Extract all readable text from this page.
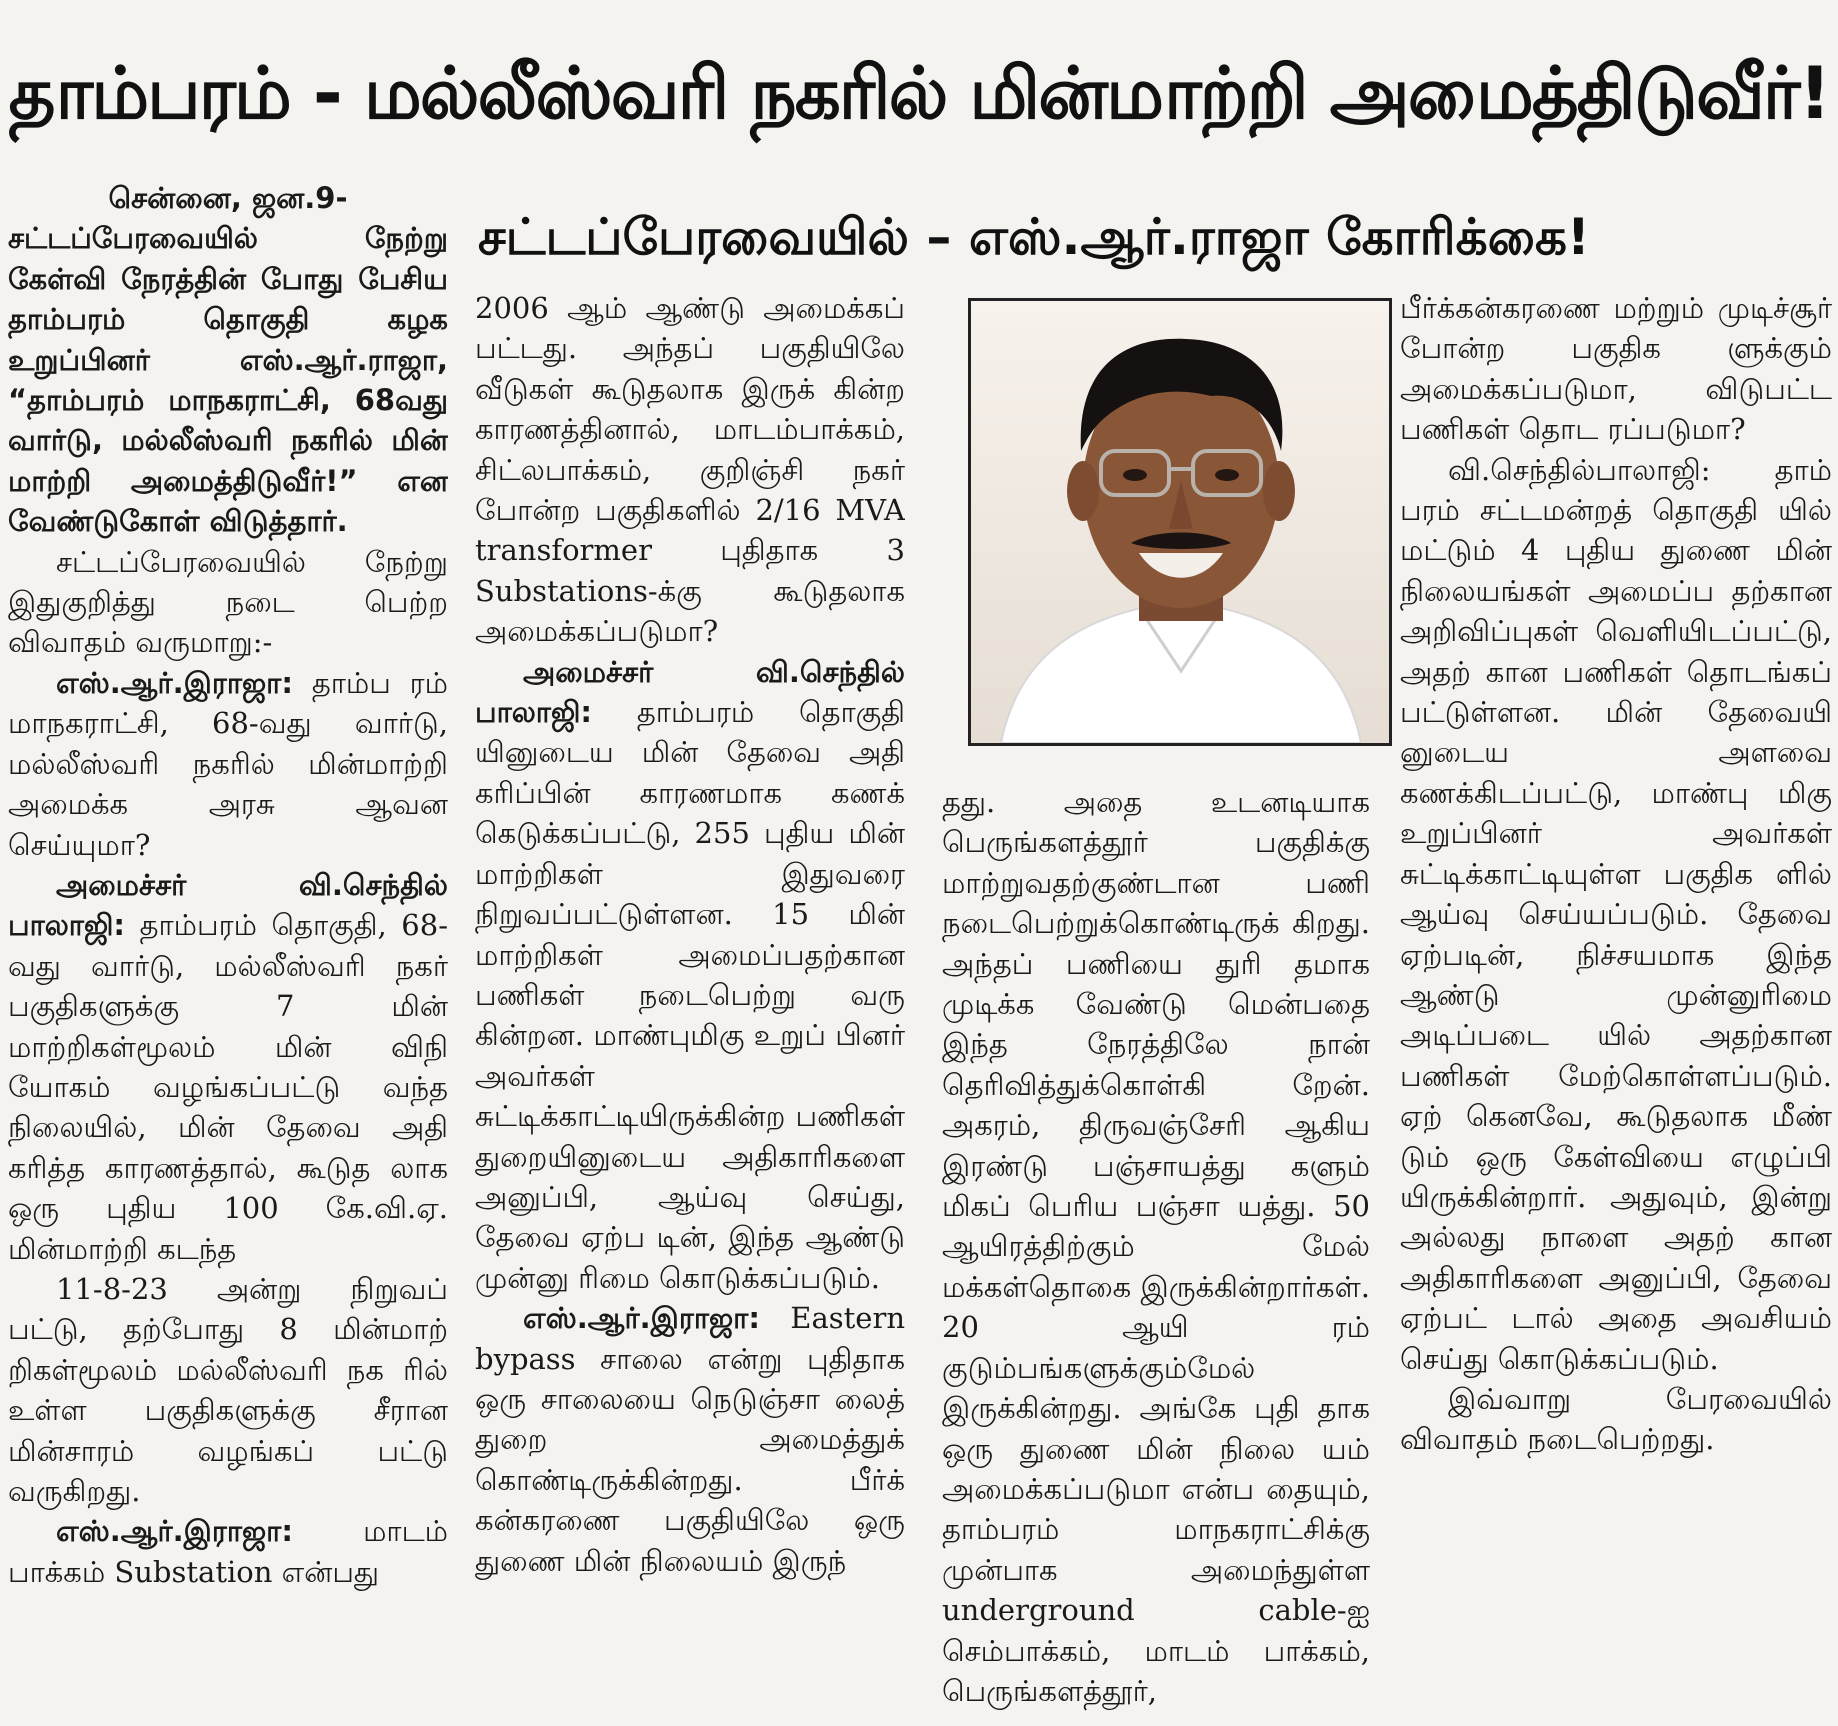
தாம்பரம் - மல்லீஸ்வரி நகரில் மின்மாற்றி அமைத்திடுவீர்!
சட்டப்பேரவையில் – எஸ்.ஆர்.ராஜா கோரிக்கை!
சென்னை, ஜன.9-

சட்டப்பேரவையில் நேற்று கேள்வி நேரத்தின் போது பேசிய தாம்பரம் தொகுதி கழக உறுப்பினர் எஸ்.ஆர்.ராஜா, “தாம்பரம் மாநகராட்சி, 68வது வார்டு, மல்லீஸ்வரி நகரில் மின் மாற்றி அமைத்திடுவீர்!” என வேண்டுகோள் விடுத்தார்.

சட்டப்பேரவையில் நேற்று இதுகுறித்து நடை பெற்ற விவாதம் வருமாறு:-

எஸ்.ஆர்.இராஜா: தாம்ப ரம் மாநகராட்சி, 68-வது வார்டு, மல்லீஸ்வரி நகரில் மின்மாற்றி அமைக்க அரசு ஆவன செய்யுமா?

அமைச்சர் வி.செந்தில் பாலாஜி: தாம்பரம் தொகுதி, 68-வது வார்டு, மல்லீஸ்வரி நகர் பகுதிகளுக்கு 7 மின் மாற்றிகள்மூலம் மின் விநி யோகம் வழங்கப்பட்டு வந்த நிலையில், மின் தேவை அதி கரித்த காரணத்தால், கூடுத லாக ஒரு புதிய 100 கே.வி.ஏ. மின்மாற்றி கடந்த

11-8-23 அன்று நிறுவப் பட்டு, தற்போது 8 மின்மாற் றிகள்மூலம் மல்லீஸ்வரி நக ரில் உள்ள பகுதிகளுக்கு சீரான மின்சாரம் வழங்கப் பட்டு வருகிறது.

எஸ்.ஆர்.இராஜா: மாடம் பாக்கம் Substation என்பது

2006 ஆம் ஆண்டு அமைக்கப் பட்டது. அந்தப் பகுதியிலே வீடுகள் கூடுதலாக இருக் கின்ற காரணத்தினால், மாடம்பாக்கம், சிட்லபாக்கம், குறிஞ்சி நகர் போன்ற பகுதிகளில் 2/16 MVA transformer புதிதாக 3 Substations-க்கு கூடுதலாக அமைக்கப்படுமா?

அமைச்சர் வி.செந்தில் பாலாஜி: தாம்பரம் தொகுதி யினுடைய மின் தேவை அதி கரிப்பின் காரணமாக கணக் கெடுக்கப்பட்டு, 255 புதிய மின் மாற்றிகள் இதுவரை நிறுவப்பட்டுள்ளன. 15 மின் மாற்றிகள் அமைப்பதற்கான பணிகள் நடைபெற்று வரு கின்றன. மாண்புமிகு உறுப் பினர் அவர்கள் சுட்டிக்காட்டியிருக்கின்ற பணிகள் துறையினுடைய அதிகாரிகளை அனுப்பி, ஆய்வு செய்து, தேவை ஏற்ப டின், இந்த ஆண்டு முன்னு ரிமை கொடுக்கப்படும்.

எஸ்.ஆர்.இராஜா: Eastern bypass சாலை என்று புதிதாக ஒரு சாலையை நெடுஞ்சா லைத் துறை அமைத்துக் கொண்டிருக்கின்றது. பீர்க் கன்கரணை பகுதியிலே ஒரு துணை மின் நிலையம் இருந்

தது. அதை உடனடியாக பெருங்களத்தூர் பகுதிக்கு மாற்றுவதற்குண்டான பணி நடைபெற்றுக்கொண்டிருக் கிறது. அந்தப் பணியை துரி தமாக முடிக்க வேண்டு மென்பதை இந்த நேரத்திலே நான் தெரிவித்துக்கொள்கி றேன். அகரம், திருவஞ்சேரி ஆகிய இரண்டு பஞ்சாயத்து களும் மிகப் பெரிய பஞ்சா யத்து. 50 ஆயிரத்திற்கும் மேல் மக்கள்தொகை இருக்கின்றார்கள். 20 ஆயி ரம் குடும்பங்களுக்கும்மேல் இருக்கின்றது. அங்கே புதி தாக ஒரு துணை மின் நிலை யம் அமைக்கப்படுமா என்ப தையும், தாம்பரம் மாநகராட்சிக்கு முன்பாக அமைந்துள்ள underground cable-ஐ செம்பாக்கம், மாடம் பாக்கம், பெருங்களத்தூர்,

பீர்க்கன்கரணை மற்றும் முடிச்சூர் போன்ற பகுதிக ளுக்கும் அமைக்கப்படுமா, விடுபட்ட பணிகள் தொட ரப்படுமா?

வி.செந்தில்பாலாஜி: தாம் பரம் சட்டமன்றத் தொகுதி யில் மட்டும் 4 புதிய துணை மின் நிலையங்கள் அமைப்ப தற்கான அறிவிப்புகள் வெளியிடப்பட்டு, அதற் கான பணிகள் தொடங்கப் பட்டுள்ளன. மின் தேவையி னுடைய அளவை கணக்கிடப்பட்டு, மாண்பு மிகு உறுப்பினர் அவர்கள் சுட்டிக்காட்டியுள்ள பகுதிக ளில் ஆய்வு செய்யப்படும். தேவை ஏற்படின், நிச்சயமாக இந்த ஆண்டு முன்னுரிமை அடிப்படை யில் அதற்கான பணிகள் மேற்கொள்ளப்படும். ஏற் கெனவே, கூடுதலாக மீண் டும் ஒரு கேள்வியை எழுப்பி யிருக்கின்றார். அதுவும், இன்று அல்லது நாளை அதற் கான அதிகாரிகளை அனுப்பி, தேவை ஏற்பட் டால் அதை அவசியம் செய்து கொடுக்கப்படும்.

இவ்வாறு பேரவையில் விவாதம் நடைபெற்றது.
